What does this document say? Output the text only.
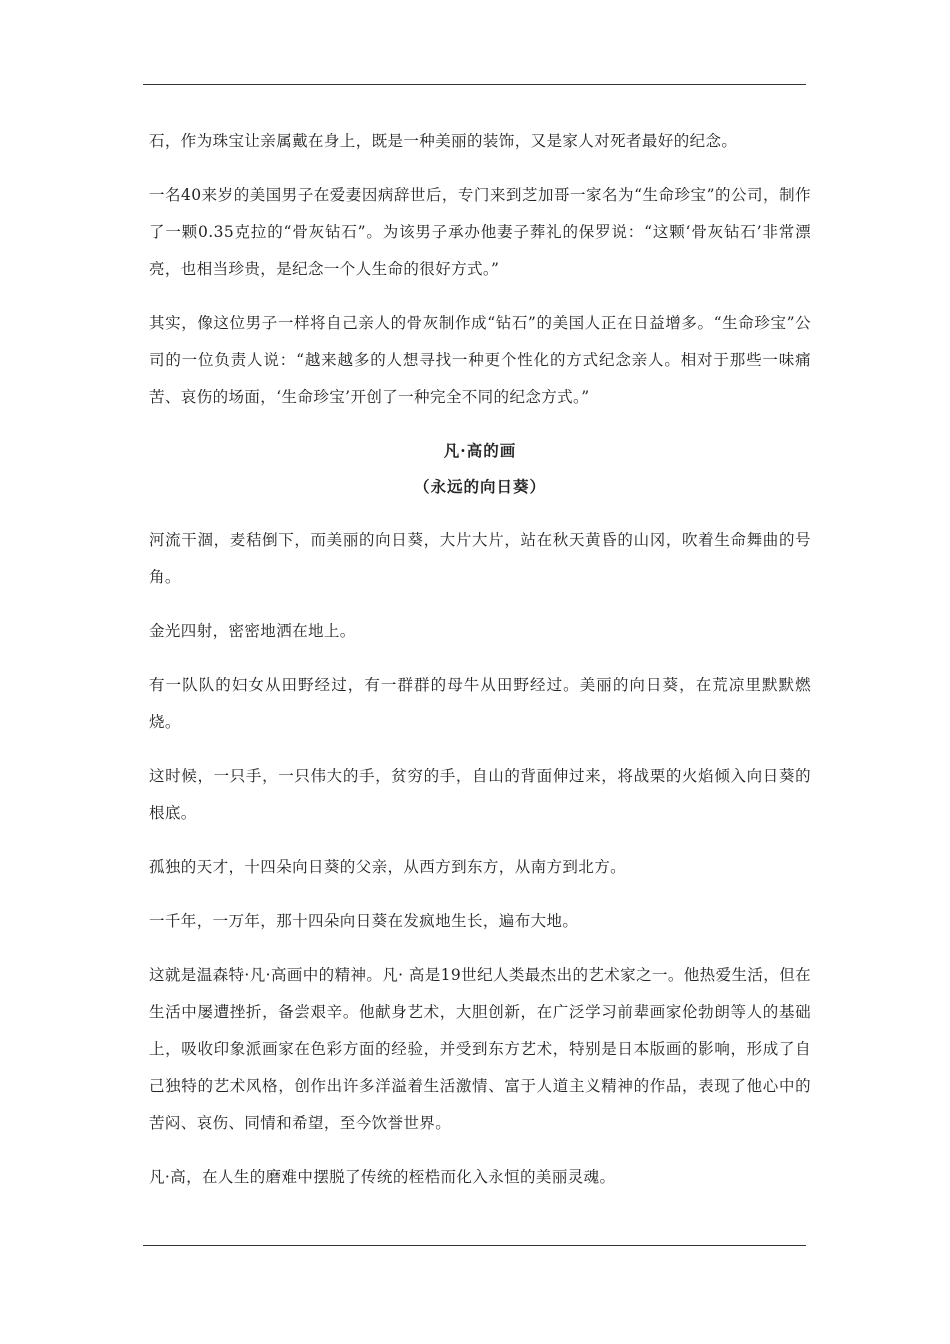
石，作为珠宝让亲属戴在身上，既是一种美丽的装饰，又是家人对死者最好的纪念。

一名40来岁的美国男子在爱妻因病辞世后，专门来到芝加哥一家名为“生命珍宝”的公司，制作了一颗0.35克拉的“骨灰钻石”。为该男子承办他妻子葬礼的保罗说：“这颗‘骨灰钻石’非常漂亮，也相当珍贵，是纪念一个人生命的很好方式。”

其实，像这位男子一样将自己亲人的骨灰制作成“钻石”的美国人正在日益增多。“生命珍宝”公司的一位负责人说：“越来越多的人想寻找一种更个性化的方式纪念亲人。相对于那些一味痛苦、哀伤的场面，‘生命珍宝’开创了一种完全不同的纪念方式。”

凡·高的画
（永远的向日葵）

河流干涸，麦秸倒下，而美丽的向日葵，大片大片，站在秋天黄昏的山冈，吹着生命舞曲的号角。

金光四射，密密地洒在地上。

有一队队的妇女从田野经过，有一群群的母牛从田野经过。美丽的向日葵，在荒凉里默默燃烧。

这时候，一只手，一只伟大的手，贫穷的手，自山的背面伸过来，将战栗的火焰倾入向日葵的根底。

孤独的天才，十四朵向日葵的父亲，从西方到东方，从南方到北方。

一千年，一万年，那十四朵向日葵在发疯地生长，遍布大地。

这就是温森特·凡·高画中的精神。凡· 高是19世纪人类最杰出的艺术家之一。他热爱生活，但在生活中屡遭挫折，备尝艰辛。他献身艺术，大胆创新，在广泛学习前辈画家伦勃朗等人的基础上，吸收印象派画家在色彩方面的经验，并受到东方艺术，特别是日本版画的影响，形成了自己独特的艺术风格，创作出许多洋溢着生活激情、富于人道主义精神的作品，表现了他心中的苦闷、哀伤、同情和希望，至今饮誉世界。

凡·高，在人生的磨难中摆脱了传统的桎梏而化入永恒的美丽灵魂。
